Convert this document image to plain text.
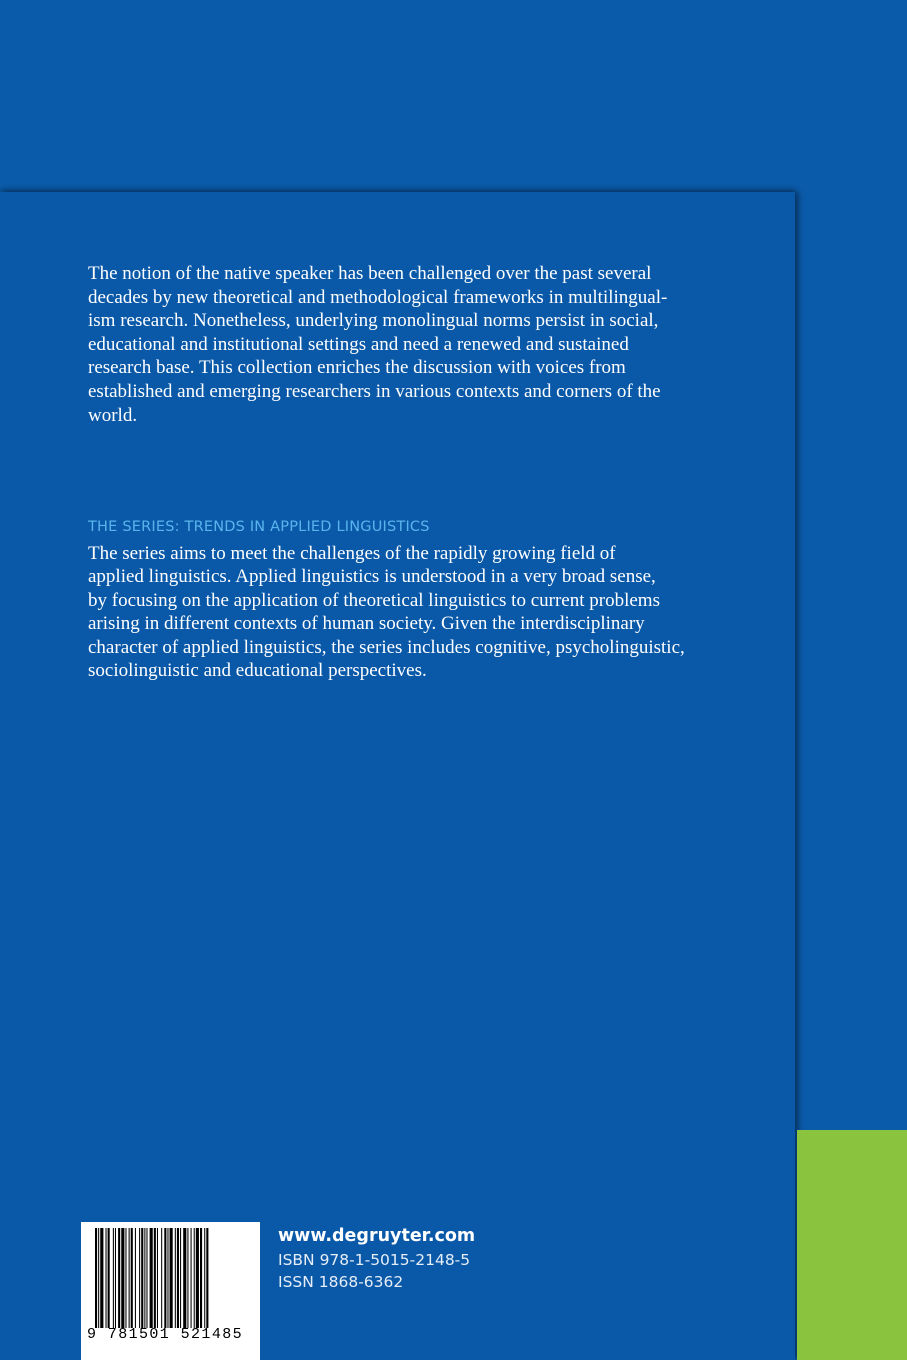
The notion of the native speaker has been challenged over the past several
decades by new theoretical and methodological frameworks in multilingual-
ism research. Nonetheless, underlying monolingual norms persist in social,
educational and institutional settings and need a renewed and sustained
research base. This collection enriches the discussion with voices from
established and emerging researchers in various contexts and corners of the
world.

THE SERIES: TRENDS IN APPLIED LINGUISTICS

The series aims to meet the challenges of the rapidly growing field of
applied linguistics. Applied linguistics is understood in a very broad sense,
by focusing on the application of theoretical linguistics to current problems
arising in different contexts of human society. Given the interdisciplinary
character of applied linguistics, the series includes cognitive, psycholinguistic,
sociolinguistic and educational perspectives.

9 781501 521485
www.degruyter.com
ISBN 978-1-5015-2148-5
ISSN 1868-6362
